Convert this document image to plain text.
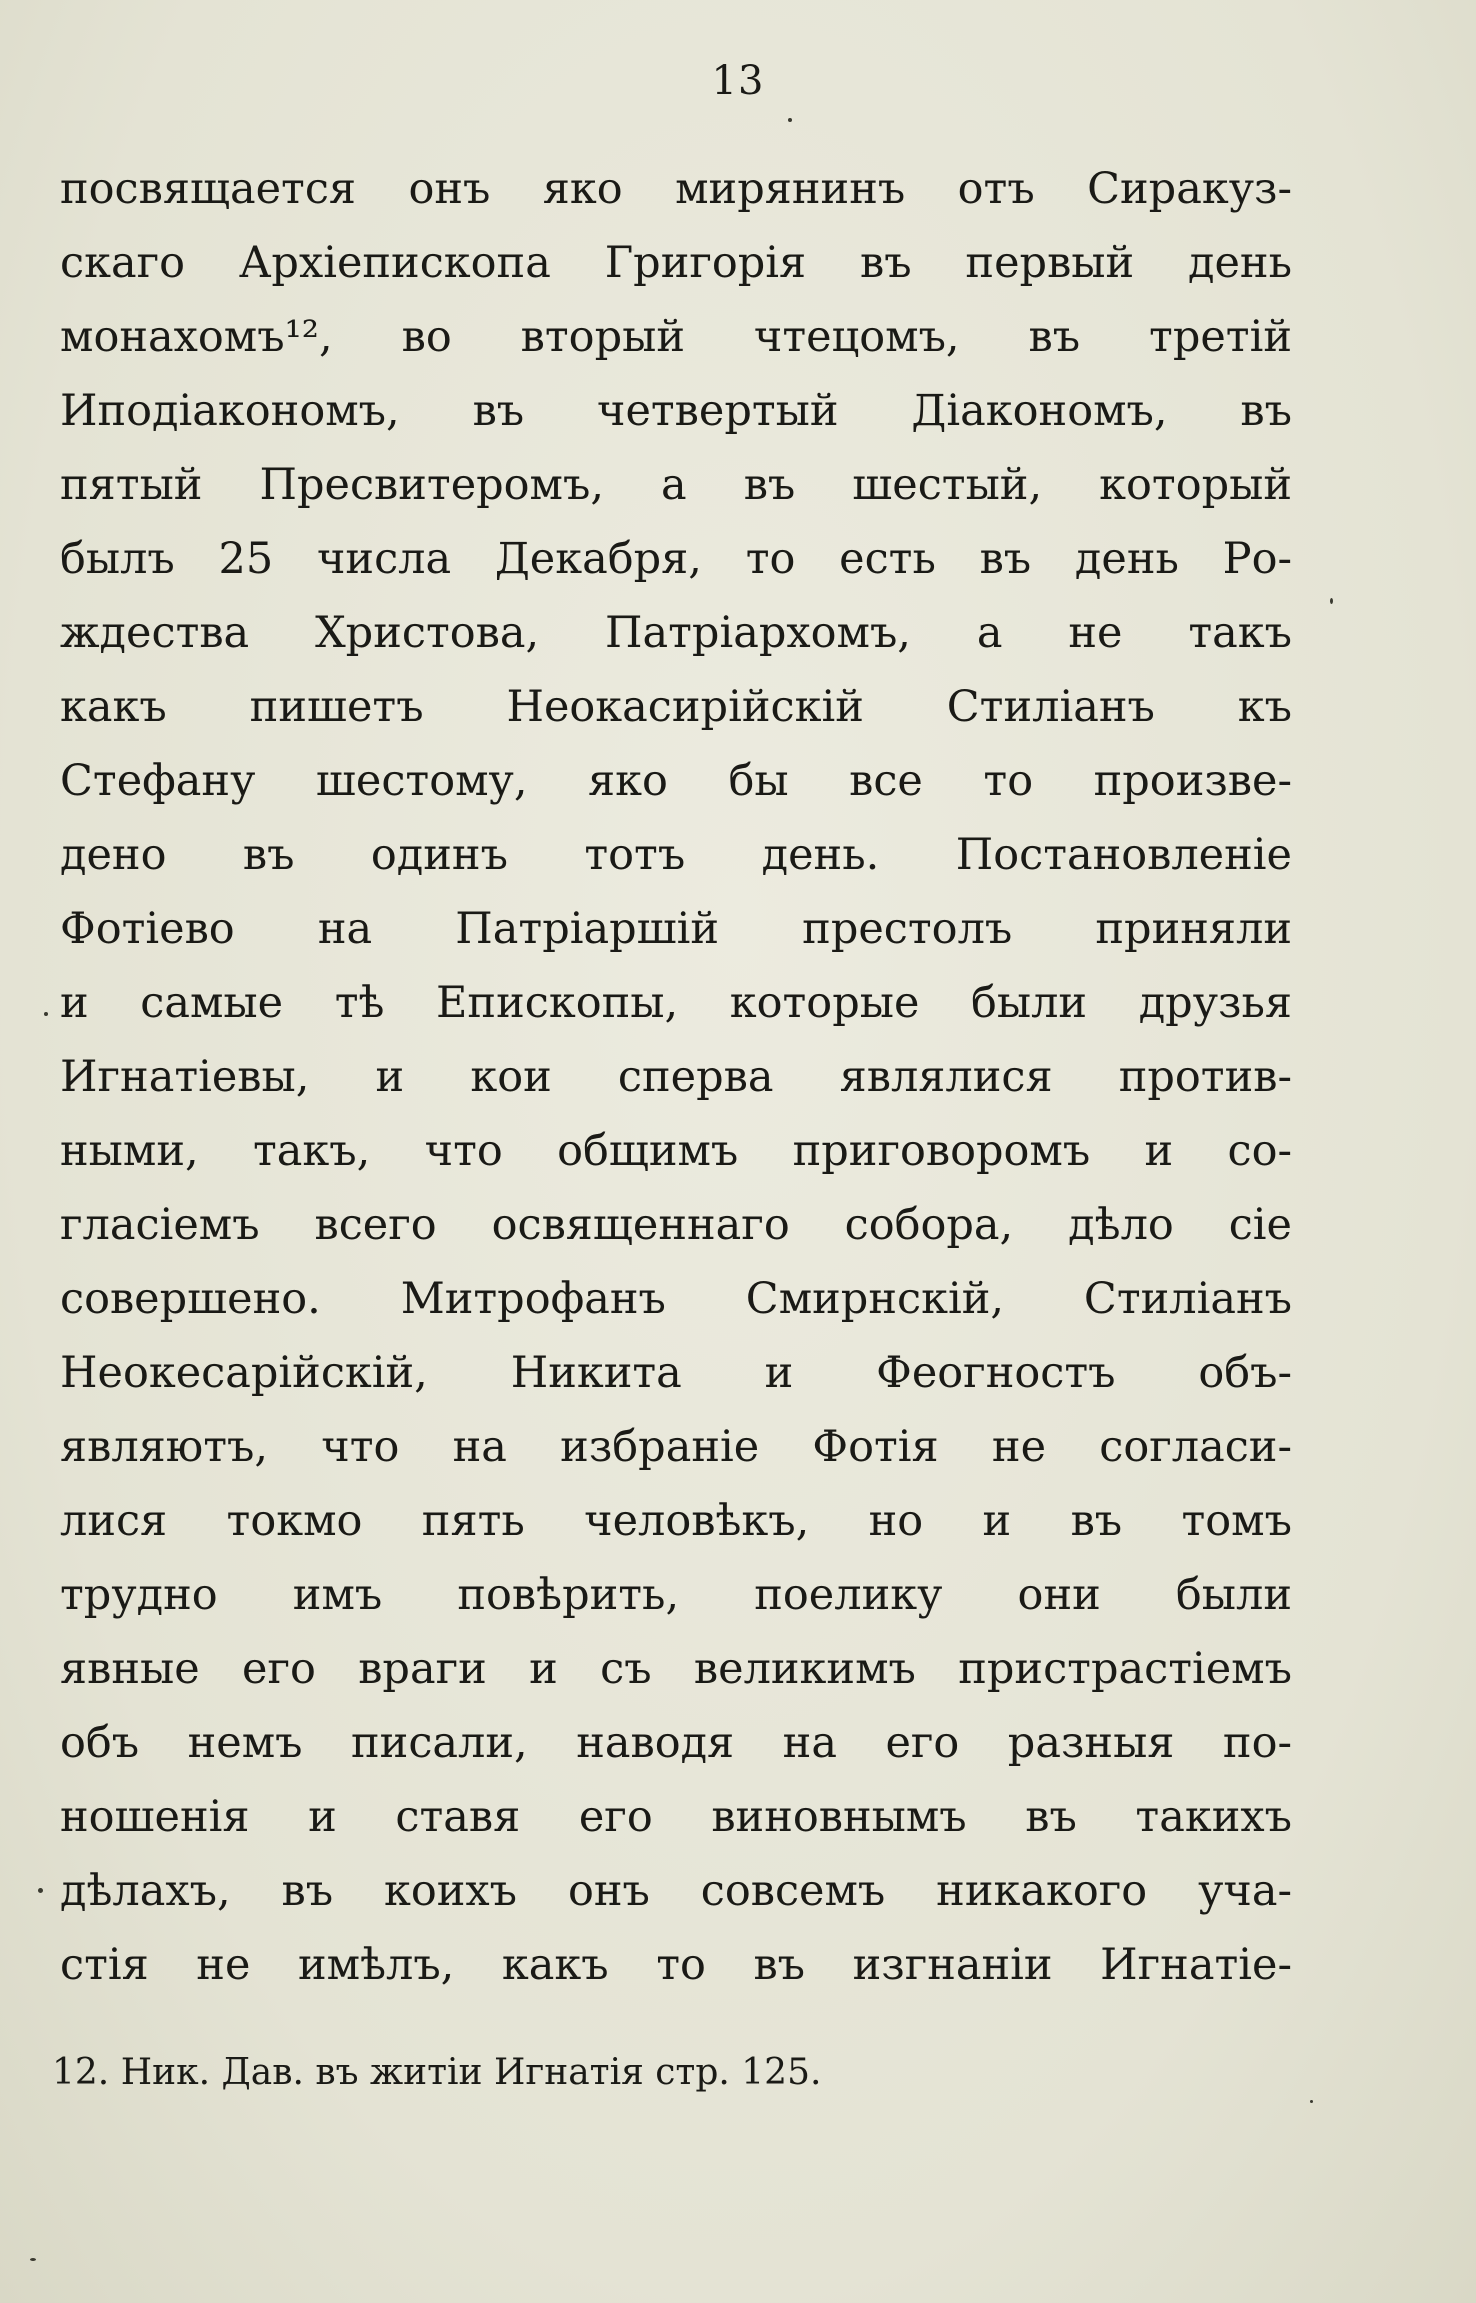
13
посвящается онъ яко мирянинъ отъ Сиракуз-
скаго Архiепископа Григорiя въ первый день
монахомъ¹², во вторый чтецомъ, въ третiй
Иподiакономъ, въ четвертый Дiакономъ, въ
пятый Пресвитеромъ, а въ шестый, который
былъ 25 числа Декабря, то есть въ день Ро-
ждества Христова, Патрiархомъ, а не такъ
какъ пишетъ Неокасирiйскiй Стилiанъ къ
Стефану шестому, яко бы все то произве-
дено въ одинъ тотъ день. Постановленiе
Фотiево на Патрiаршiй престолъ приняли
и самые тѣ Епископы, которые были друзья
Игнатiевы, и кои сперва являлися против-
ными, такъ, что общимъ приговоромъ и со-
гласiемъ всего освященнаго собора, дѣло сiе
совершено. Митрофанъ Смирнскiй, Стилiанъ
Неокесарiйскiй, Никита и Феогностъ объ-
являютъ, что на избранiе Фотiя не согласи-
лися токмо пять человѣкъ, но и въ томъ
трудно имъ повѣрить, поелику они были
явные его враги и съ великимъ пристрастiемъ
объ немъ писали, наводя на его разныя по-
ношенiя и ставя его виновнымъ въ такихъ
дѣлахъ, въ коихъ онъ совсемъ никакого уча-
стiя не имѣлъ, какъ то въ изгнанiи Игнатiе-
12. Ник. Дав. въ житiи Игнатiя стр. 125.
